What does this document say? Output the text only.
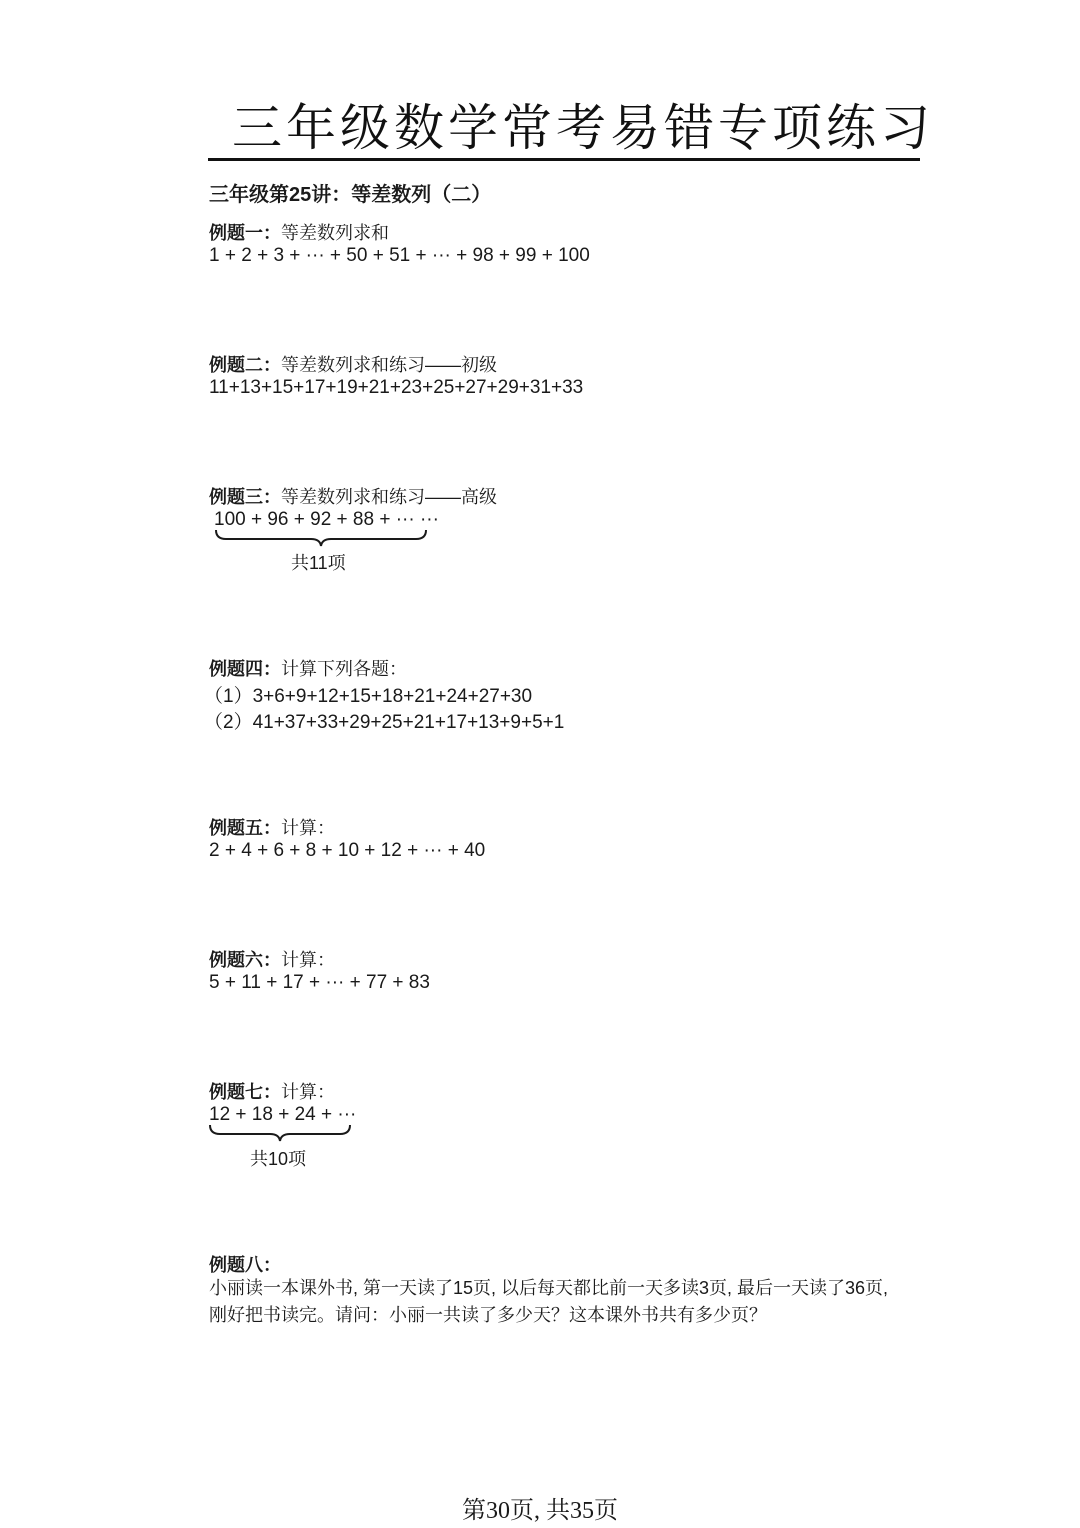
三年级数学常考易错专项练习
三年级第25讲：等差数列（二）
例题一：等差数列求和
1 + 2 + 3 + ··· + 50 + 51 + ··· + 98 + 99 + 100
例题二：等差数列求和练习——初级
11+13+15+17+19+21+23+25+27+29+31+33
例题三：等差数列求和练习——高级
100 + 96 + 92 + 88 + ··· ···
共11项
例题四：计算下列各题：
（1）3+6+9+12+15+18+21+24+27+30
（2）41+37+33+29+25+21+17+13+9+5+1
例题五：计算：
2 + 4 + 6 + 8 + 10 + 12 + ··· + 40
例题六：计算：
5 + 11 + 17 + ··· + 77 + 83
例题七：计算：
12 + 18 + 24 + ···
共10项
例题八：
小丽读一本课外书, 第一天读了15页, 以后每天都比前一天多读3页, 最后一天读了36页,
刚好把书读完。请问：小丽一共读了多少天？这本课外书共有多少页？
第30页, 共35页
